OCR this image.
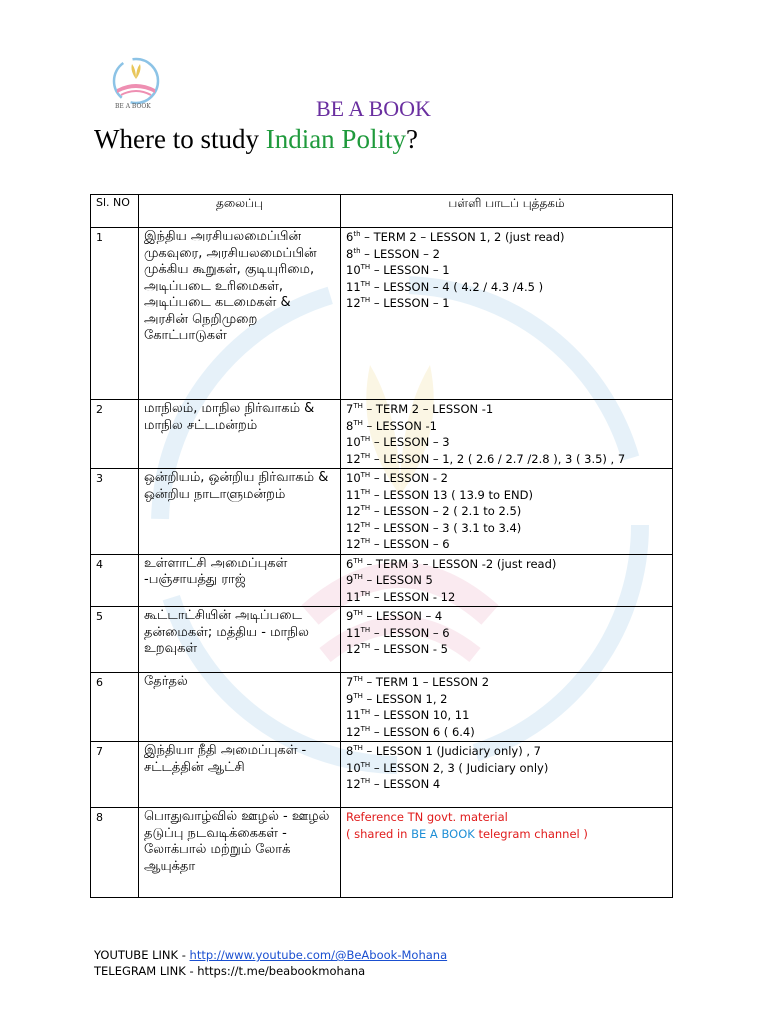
BE A BOOK	BE A BOOK
Where to study Indian Polity?
Sl. NO	தலைப்பு	பள்ளி பாடப் புத்தகம்
1	இந்திய அரசியலமைப்பின் முகவுரை, அரசியலமைப்பின் முக்கிய கூறுகள், குடியுரிமை, அடிப்படை உரிமைகள், அடிப்படை கடமைகள் & அரசின் நெறிமுறை கோட்பாடுகள்	6th – TERM 2 – LESSON 1, 2 (just read)
8th – LESSON – 2
10TH – LESSON – 1
11TH – LESSON – 4 ( 4.2 / 4.3 /4.5 )
12TH – LESSON – 1

2	மாநிலம், மாநில நிர்வாகம் & மாநில சட்டமன்றம்	7TH – TERM 2 – LESSON -1
8TH – LESSON -1
10TH – LESSON – 3
12TH – LESSON – 1, 2 ( 2.6 / 2.7 /2.8 ), 3 ( 3.5) , 7

3	ஒன்றியம், ஒன்றிய நிர்வாகம் & ஒன்றிய நாடாளுமன்றம்	10TH – LESSON - 2
11TH – LESSON 13 ( 13.9 to END)
12TH – LESSON – 2 ( 2.1 to 2.5)
12TH – LESSON – 3 ( 3.1 to 3.4)
12TH – LESSON – 6

4	உள்ளாட்சி அமைப்புகள் -பஞ்சாயத்து ராஜ்	6TH – TERM 3 – LESSON -2 (just read)
9TH – LESSON 5
11TH – LESSON - 12

5	கூட்டாட்சியின் அடிப்படை தன்மைகள்; மத்திய - மாநில உறவுகள்	9TH – LESSON – 4
11TH – LESSON – 6
12TH – LESSON - 5

6	தேர்தல்	7TH – TERM 1 – LESSON 2
9TH – LESSON 1, 2
11TH – LESSON 10, 11
12TH – LESSON 6 ( 6.4)

7	இந்தியா நீதி அமைப்புகள் - சட்டத்தின் ஆட்சி	8TH – LESSON 1 (Judiciary only) , 7
10TH – LESSON 2, 3 ( Judiciary only)
12TH – LESSON 4

8	பொதுவாழ்வில் ஊழல் - ஊழல் தடுப்பு நடவடிக்கைகள் - லோக்பால் மற்றும் லோக் ஆயுக்தா	Reference TN govt. material
( shared in BE A BOOK telegram channel )
YOUTUBE LINK - http://www.youtube.com/@BeAbook-Mohana
TELEGRAM LINK - https://t.me/beabookmohana
